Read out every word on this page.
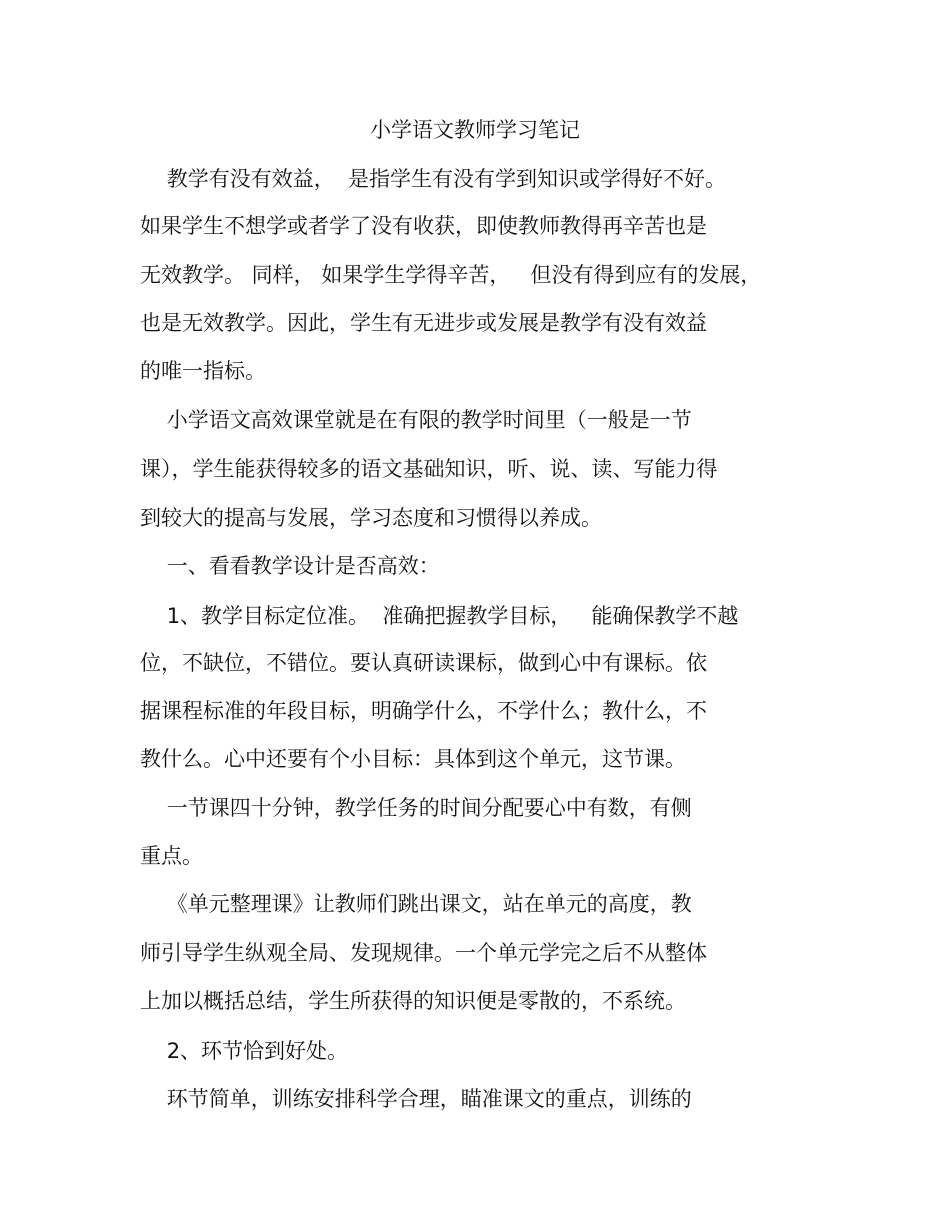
小学语文教师学习笔记

教学有没有效益，  是指学生有没有学到知识或学得好不好。

如果学生不想学或者学了没有收获，即使教师教得再辛苦也是

无效教学。 同样， 如果学生学得辛苦，   但没有得到应有的发展，

也是无效教学。因此，学生有无进步或发展是教学有没有效益

的唯一指标。

小学语文高效课堂就是在有限的教学时间里（一般是一节

课），学生能获得较多的语文基础知识，听、说、读、写能力得

到较大的提高与发展，学习态度和习惯得以养成。

一、看看教学设计是否高效：

1、教学目标定位准。  准确把握教学目标，   能确保教学不越

位，不缺位，不错位。要认真研读课标，做到心中有课标。依

据课程标准的年段目标，明确学什么，不学什么；教什么，不

教什么。心中还要有个小目标：具体到这个单元，这节课。

一节课四十分钟，教学任务的时间分配要心中有数，有侧

重点。

《单元整理课》让教师们跳出课文，站在单元的高度，教

师引导学生纵观全局、发现规律。一个单元学完之后不从整体

上加以概括总结，学生所获得的知识便是零散的，不系统。

2、环节恰到好处。

环节简单，训练安排科学合理，瞄准课文的重点，训练的
